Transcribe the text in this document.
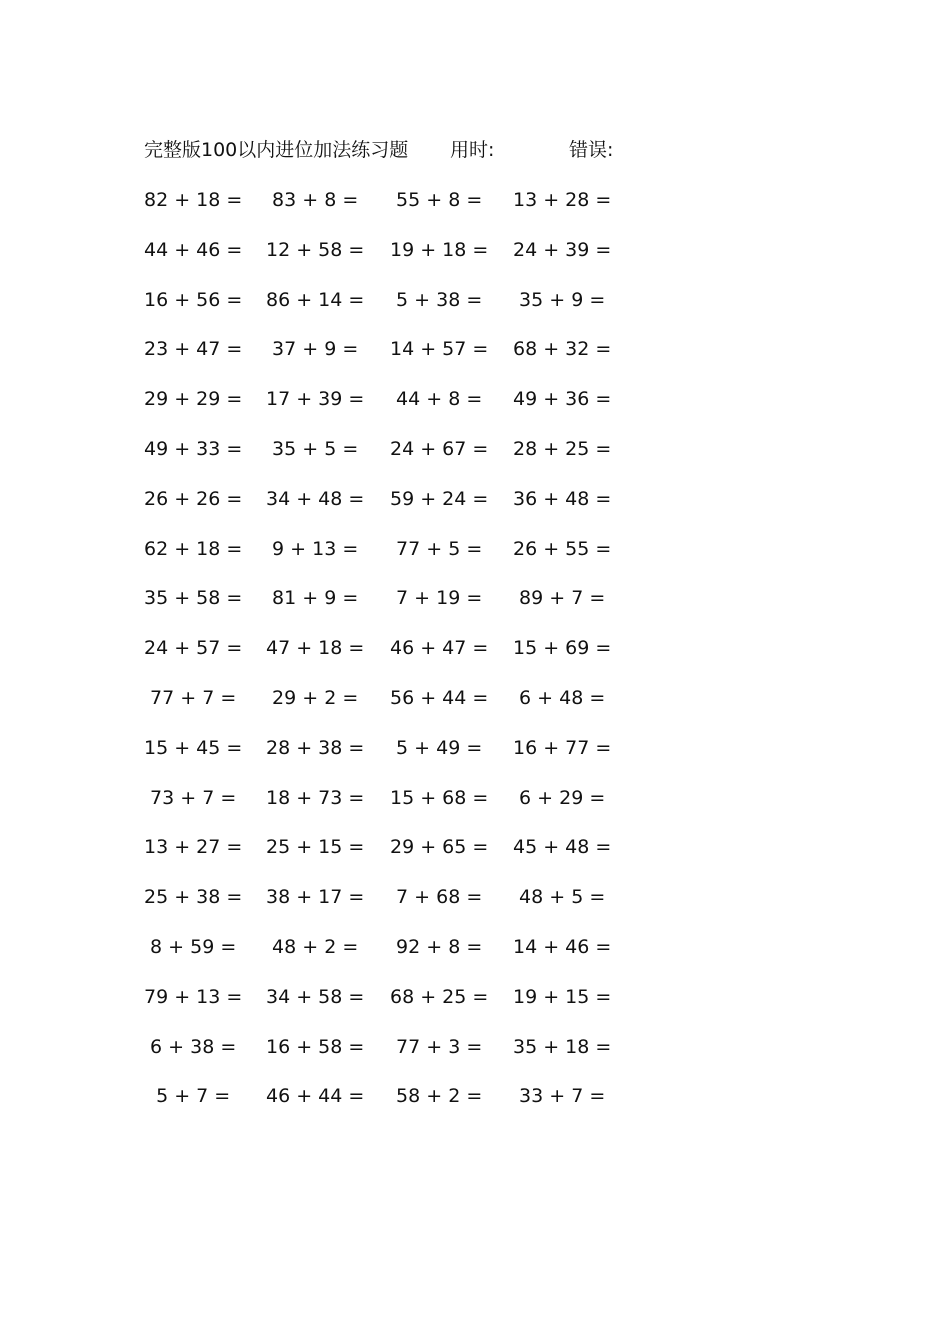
完整版100以内进位加法练习题 用时:	错误:
82 + 18 =	83 + 8 =	55 + 8 =	13 + 28 =
44 + 46 =	12 + 58 =	19 + 18 =	24 + 39 =
16 + 56 =	86 + 14 =	5 + 38 =	35 + 9 =
23 + 47 =	37 + 9 =	14 + 57 =	68 + 32 =
29 + 29 =	17 + 39 =	44 + 8 =	49 + 36 =
49 + 33 =	35 + 5 =	24 + 67 =	28 + 25 =
26 + 26 =	34 + 48 =	59 + 24 =	36 + 48 =
62 + 18 =	9 + 13 =	77 + 5 =	26 + 55 =
35 + 58 =	81 + 9 =	7 + 19 =	89 + 7 =
24 + 57 =	47 + 18 =	46 + 47 =	15 + 69 =
77 + 7 =	29 + 2 =	56 + 44 =	6 + 48 =
15 + 45 =	28 + 38 =	5 + 49 =	16 + 77 =
73 + 7 =	18 + 73 =	15 + 68 =	6 + 29 =
13 + 27 =	25 + 15 =	29 + 65 =	45 + 48 =
25 + 38 =	38 + 17 =	7 + 68 =	48 + 5 =
8 + 59 =	48 + 2 =	92 + 8 =	14 + 46 =
79 + 13 =	34 + 58 =	68 + 25 =	19 + 15 =
6 + 38 =	16 + 58 =	77 + 3 =	35 + 18 =
5 + 7 =	46 + 44 =	58 + 2 =	33 + 7 =
